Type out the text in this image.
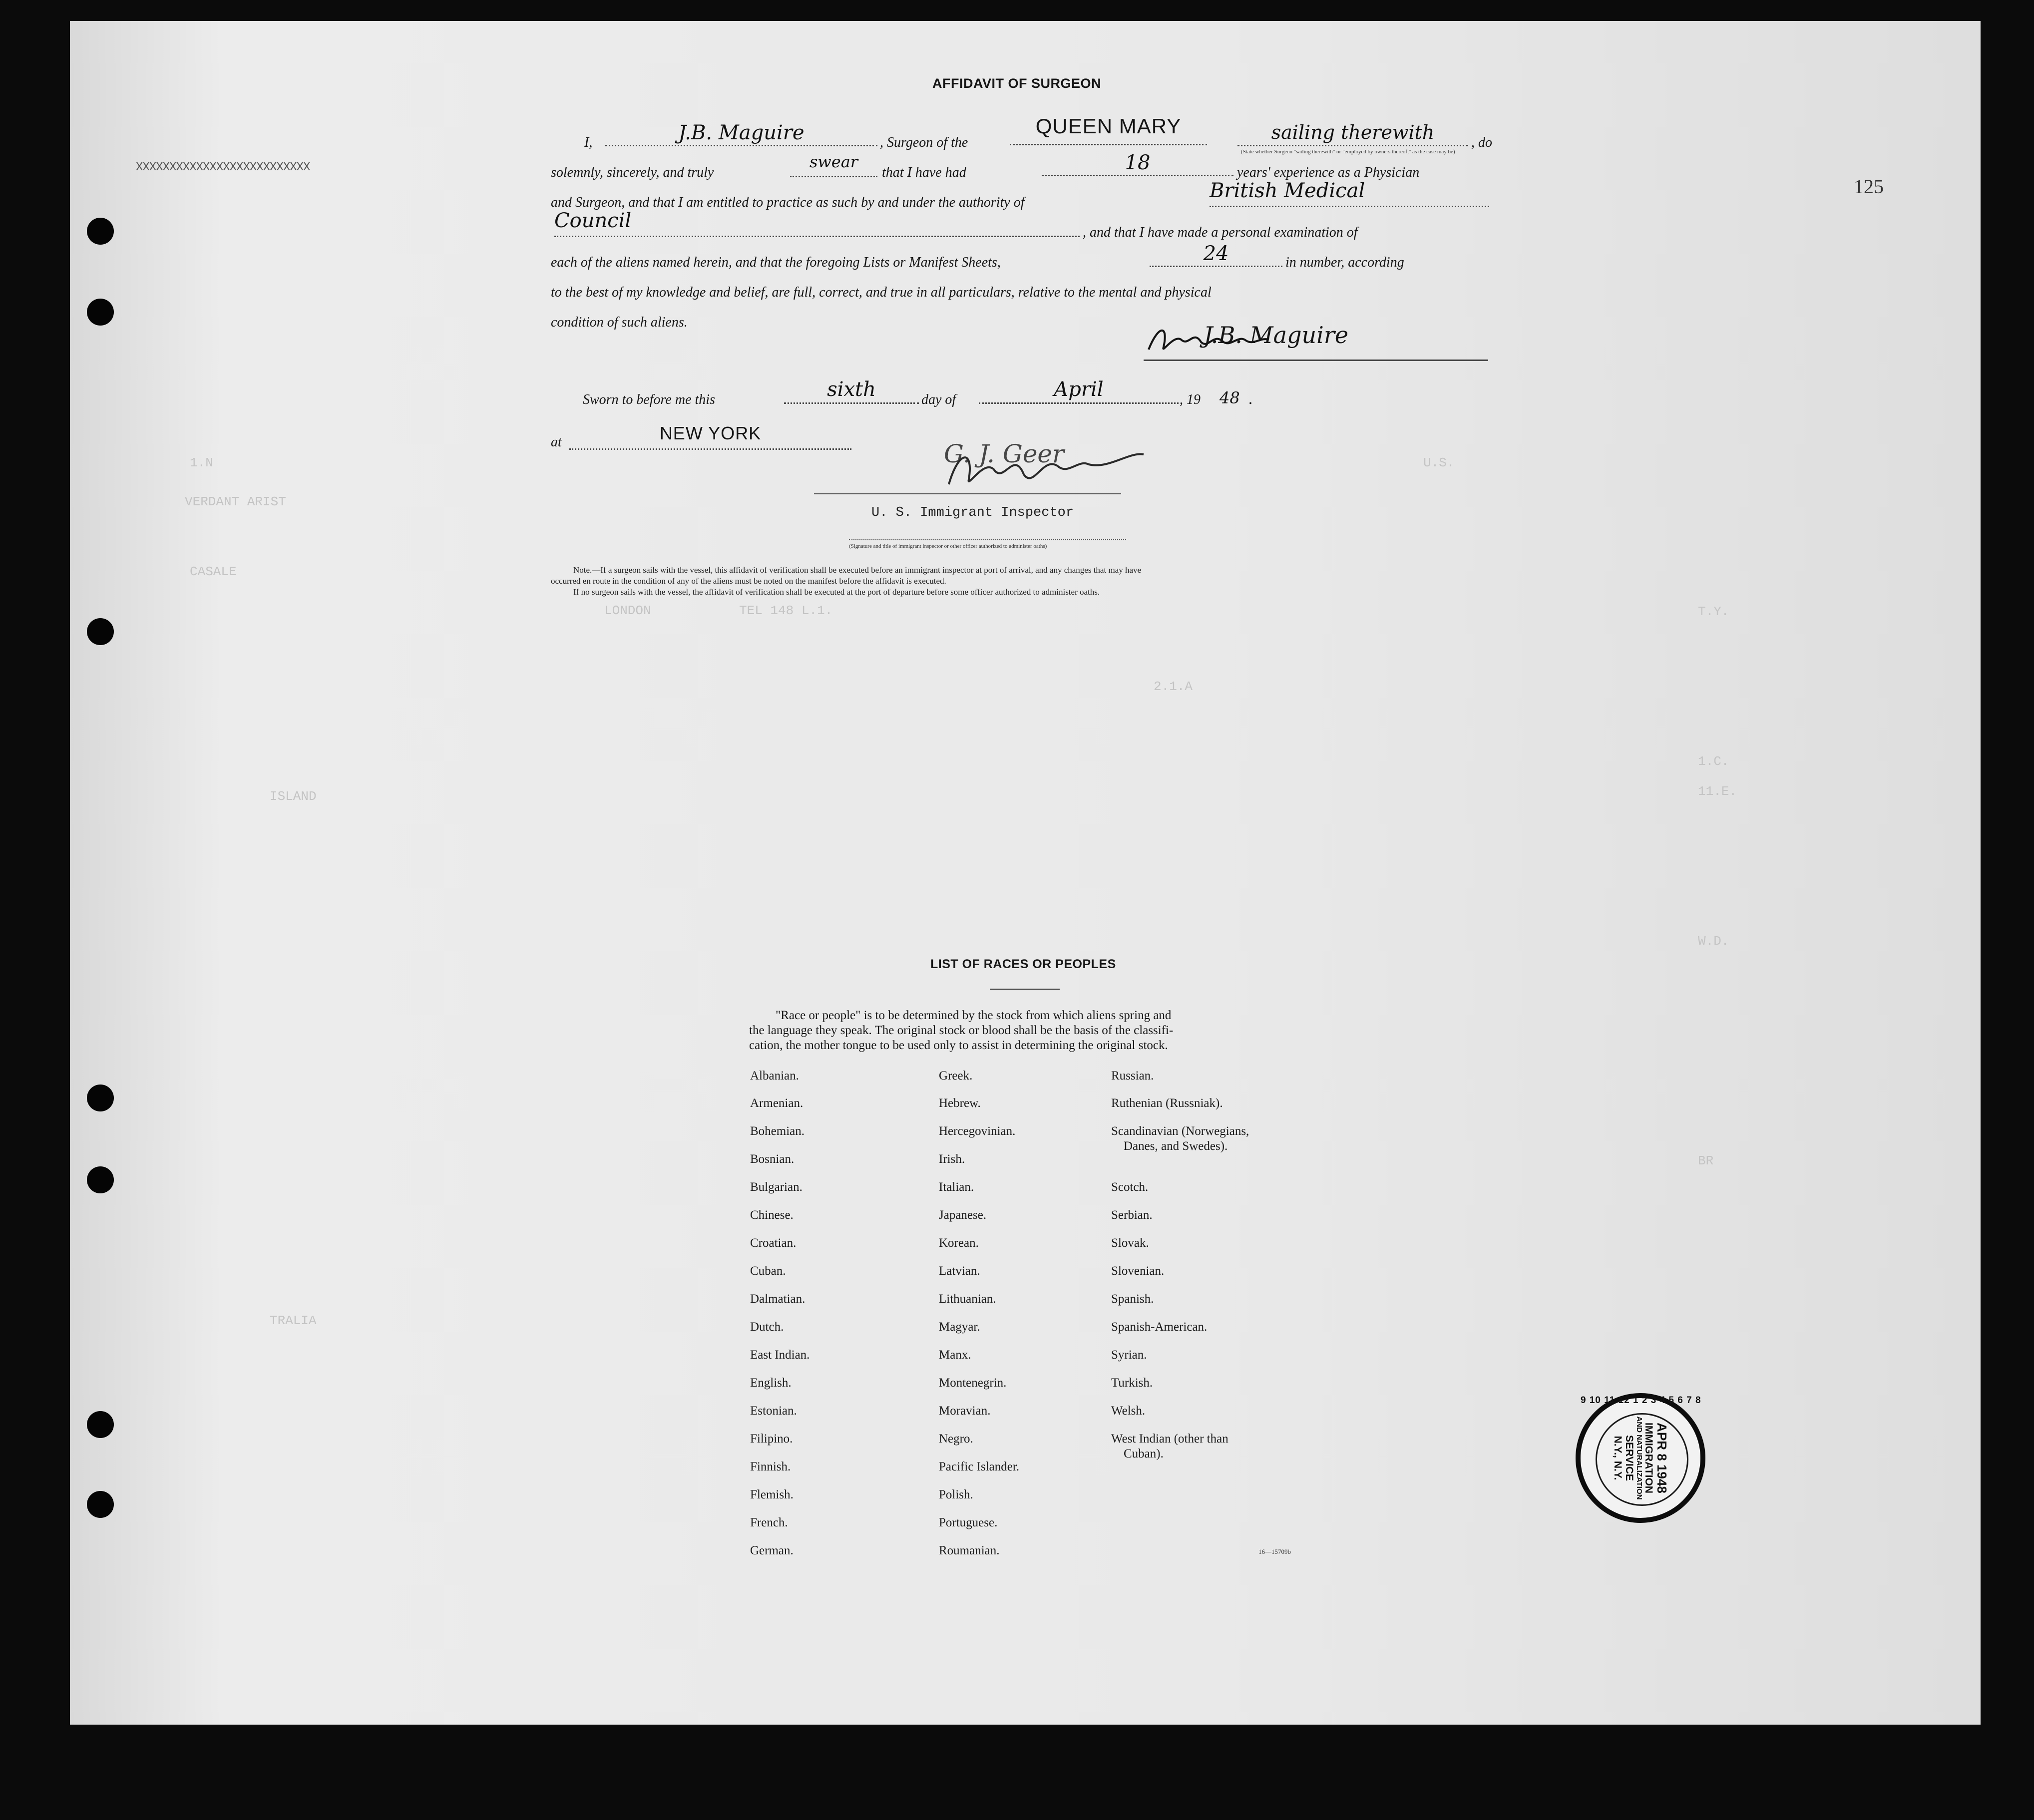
1.N
VERDANT ARIST
CASALE
U.S.
T.Y.
1.C.
LONDON	TEL 148 L.1.
ISLAND
2.1.A
11.E.
W.D.
BR
TRALIA
XXXXXXXXXXXXXXXXXXXXXXXXXX
125
AFFIDAVIT OF SURGEON
I,	J.B. Maguire	, Surgeon of the
QUEEN MARY	sailing therewith	, do
(State whether Surgeon "sailing therewith" or "employed by owners thereof," as the case may be)
solemnly, sincerely, and truly
swear
that I have had	18	years' experience as a Physician
and Surgeon, and that I am entitled to practice as such by and under the authority of
British Medical
Council
, and that I have made a personal examination of
each of the aliens named herein, and that the foregoing Lists or Manifest Sheets,	24	in number, according
to the best of my knowledge and belief, are full, correct, and true in all particulars, relative to the mental and physical
condition of such aliens.	J.B. Maguire
Sworn to before me this	sixth	day of	April	, 19 48 .
at	NEW YORK
G. J. Geer
U. S. Immigrant Inspector
(Signature and title of immigrant inspector or other officer authorized to administer oaths)
Note.—If a surgeon sails with the vessel, this affidavit of verification shall be executed before an immigrant inspector at port of arrival, and any changes that may have
occurred en route in the condition of any of the aliens must be noted on the manifest before the affidavit is executed.
If no surgeon sails with the vessel, the affidavit of verification shall be executed at the port of departure before some officer authorized to administer oaths.
LIST OF RACES OR PEOPLES
"Race or people" is to be determined by the stock from which aliens spring and
the language they speak. The original stock or blood shall be the basis of the classifi-
cation, the mother tongue to be used only to assist in determining the original stock.
Albanian.
Armenian.
Bohemian.
Bosnian.
Bulgarian.
Chinese.
Croatian.
Cuban.
Dalmatian.
Dutch.
East Indian.
English.
Estonian.
Filipino.
Finnish.
Flemish.
French.
German.
Greek.
Hebrew.
Hercegovinian.
Irish.
Italian.
Japanese.
Korean.
Latvian.
Lithuanian.
Magyar.
Manx.
Montenegrin.
Moravian.
Negro.
Pacific Islander.
Polish.
Portuguese.
Roumanian.
Russian.
Ruthenian (Russniak).
Scandinavian (Norwegians,
Danes, and Swedes).
Scotch.
Serbian.
Slovak.
Slovenian.
Spanish.
Spanish-American.
Syrian.
Turkish.
Welsh.
West Indian (other than
Cuban).
16—15709b
APR 8 1948
IMMIGRATION
AND NATURALIZATION
SERVICE
N.Y., N.Y.
9 10 11 12 1 2 3 4 5 6 7 8
